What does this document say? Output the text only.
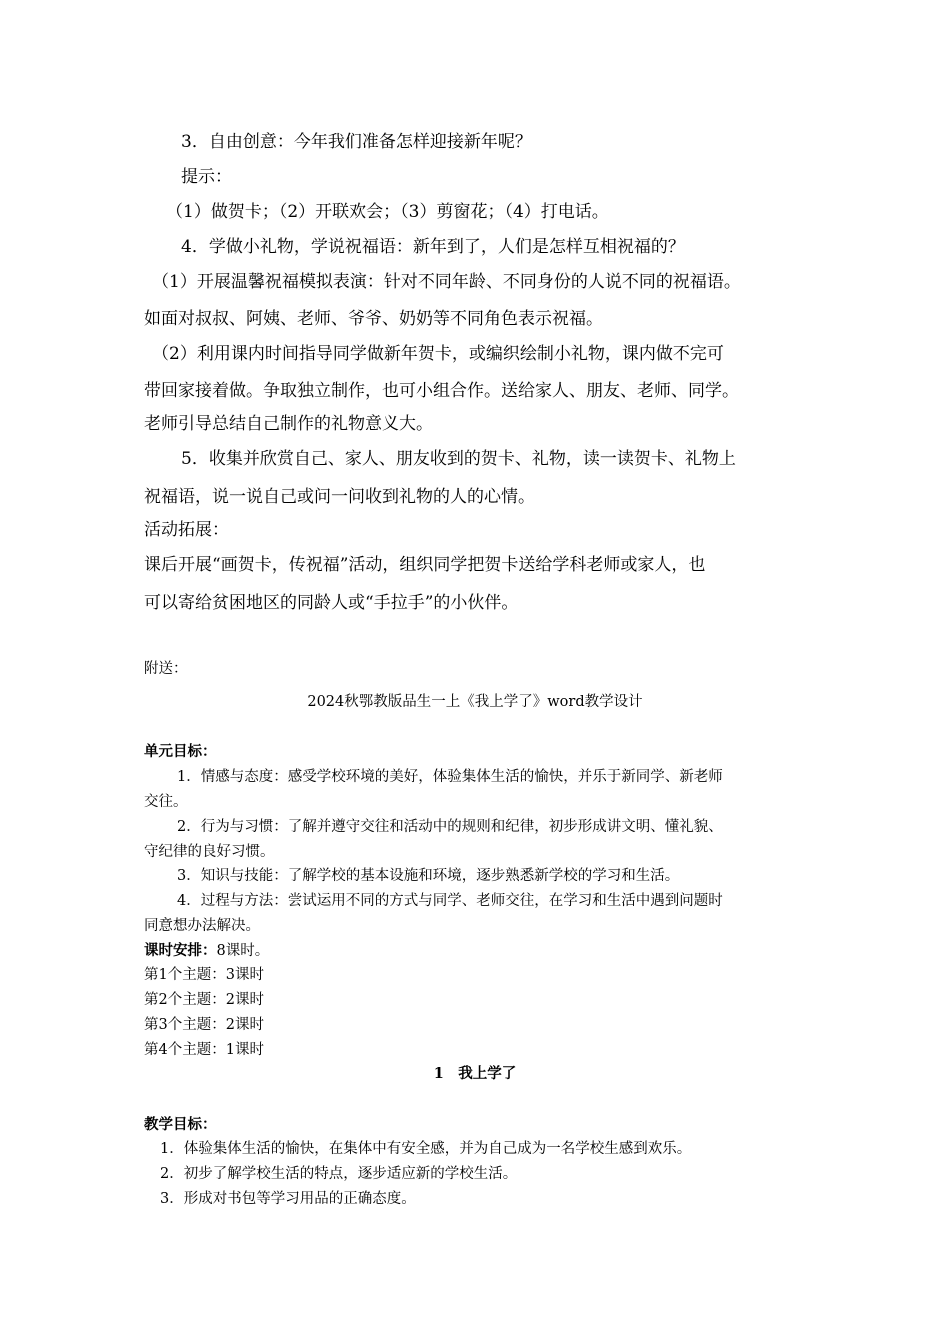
3．自由创意：今年我们准备怎样迎接新年呢？
提示：
（1）做贺卡；（2）开联欢会；（3）剪窗花；（4）打电话。
4．学做小礼物，学说祝福语：新年到了，人们是怎样互相祝福的？
（1）开展温馨祝福模拟表演：针对不同年龄、不同身份的人说不同的祝福语。
如面对叔叔、阿姨、老师、爷爷、奶奶等不同角色表示祝福。
（2）利用课内时间指导同学做新年贺卡，或编织绘制小礼物，课内做不完可
带回家接着做。争取独立制作，也可小组合作。送给家人、朋友、老师、同学。
老师引导总结自己制作的礼物意义大。
5．收集并欣赏自己、家人、朋友收到的贺卡、礼物，读一读贺卡、礼物上
祝福语，说一说自己或问一问收到礼物的人的心情。
活动拓展：
课后开展“画贺卡，传祝福”活动，组织同学把贺卡送给学科老师或家人，也
可以寄给贫困地区的同龄人或“手拉手”的小伙伴。
附送：
2024秋鄂教版品生一上《我上学了》word教学设计
单元目标：
1．情感与态度：感受学校环境的美好，体验集体生活的愉快，并乐于新同学、新老师
交往。
2．行为与习惯：了解并遵守交往和活动中的规则和纪律，初步形成讲文明、懂礼貌、
守纪律的良好习惯。
3．知识与技能：了解学校的基本设施和环境，逐步熟悉新学校的学习和生活。
4．过程与方法：尝试运用不同的方式与同学、老师交往，在学习和生活中遇到问题时
同意想办法解决。
课时安排：8课时。
第1个主题：3课时
第2个主题：2课时
第3个主题：2课时
第4个主题：1课时
1　我上学了
教学目标：
1．体验集体生活的愉快，在集体中有安全感，并为自己成为一名学校生感到欢乐。
2．初步了解学校生活的特点，逐步适应新的学校生活。
3．形成对书包等学习用品的正确态度。
